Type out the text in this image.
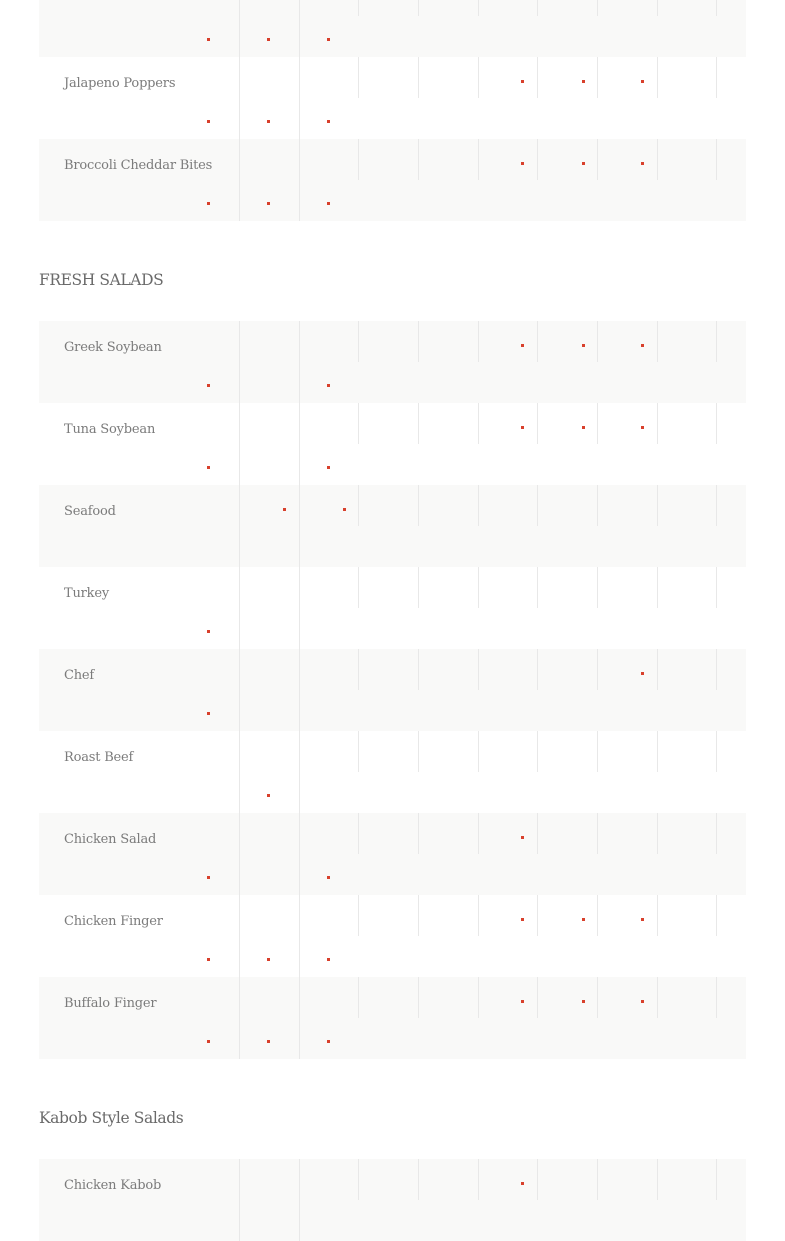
Jalapeno Poppers
Broccoli Cheddar Bites
FRESH SALADS
Greek Soybean
Tuna Soybean
Seafood
Turkey
Chef
Roast Beef
Chicken Salad
Chicken Finger
Buffalo Finger
Kabob Style Salads
Chicken Kabob
